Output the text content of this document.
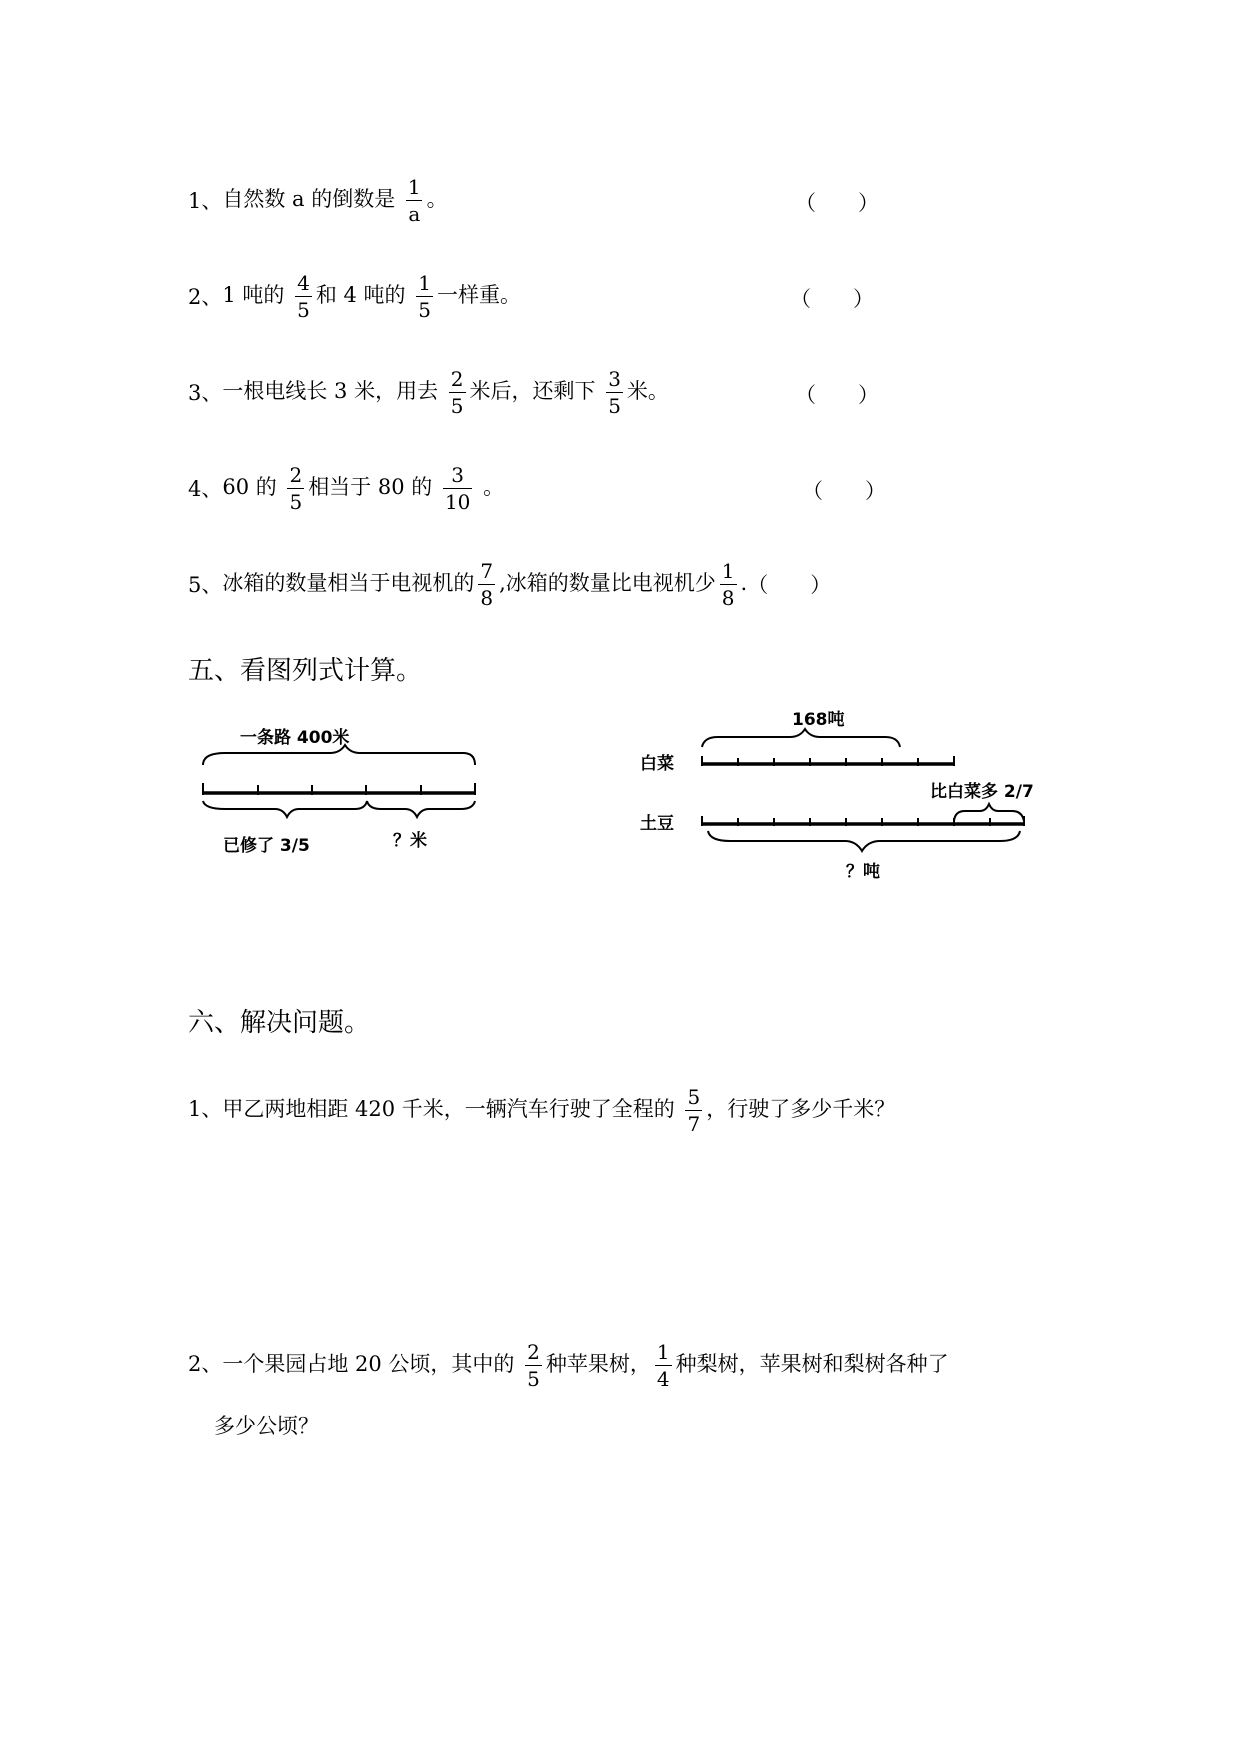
1、 自然数 a 的倒数是 $\frac{1}{a}$ 。	（　　）
2、 1 吨的 $\frac{4}{5}$ 和 4 吨的 $\frac{1}{5}$ 一样重。	（　　）
3、 一根电线长 3 米，用去 $\frac{2}{5}$ 米后，还剩下 $\frac{3}{5}$ 米。	（　　）
4、 60 的 $\frac{2}{5}$ 相当于 80 的 $\frac{3}{10}$ 。	（　　）
5、 冰箱的数量相当于电视机的 $\frac{7}{8}$ ,冰箱的数量比电视机少 $\frac{1}{8}$ . （　　）
五、看图列式计算。
一条路 400米
已修了 3/5	？米
168吨
白菜
比白菜多 2/7
土豆
？吨
六、解决问题。
1、甲乙两地相距 420 千米，一辆汽车行驶了全程的 $\frac{5}{7}$ ，行驶了多少千米？
2、一个果园占地 20 公顷，其中的 $\frac{2}{5}$ 种苹果树， $\frac{1}{4}$ 种梨树，苹果树和梨树各种了
多少公顷？
